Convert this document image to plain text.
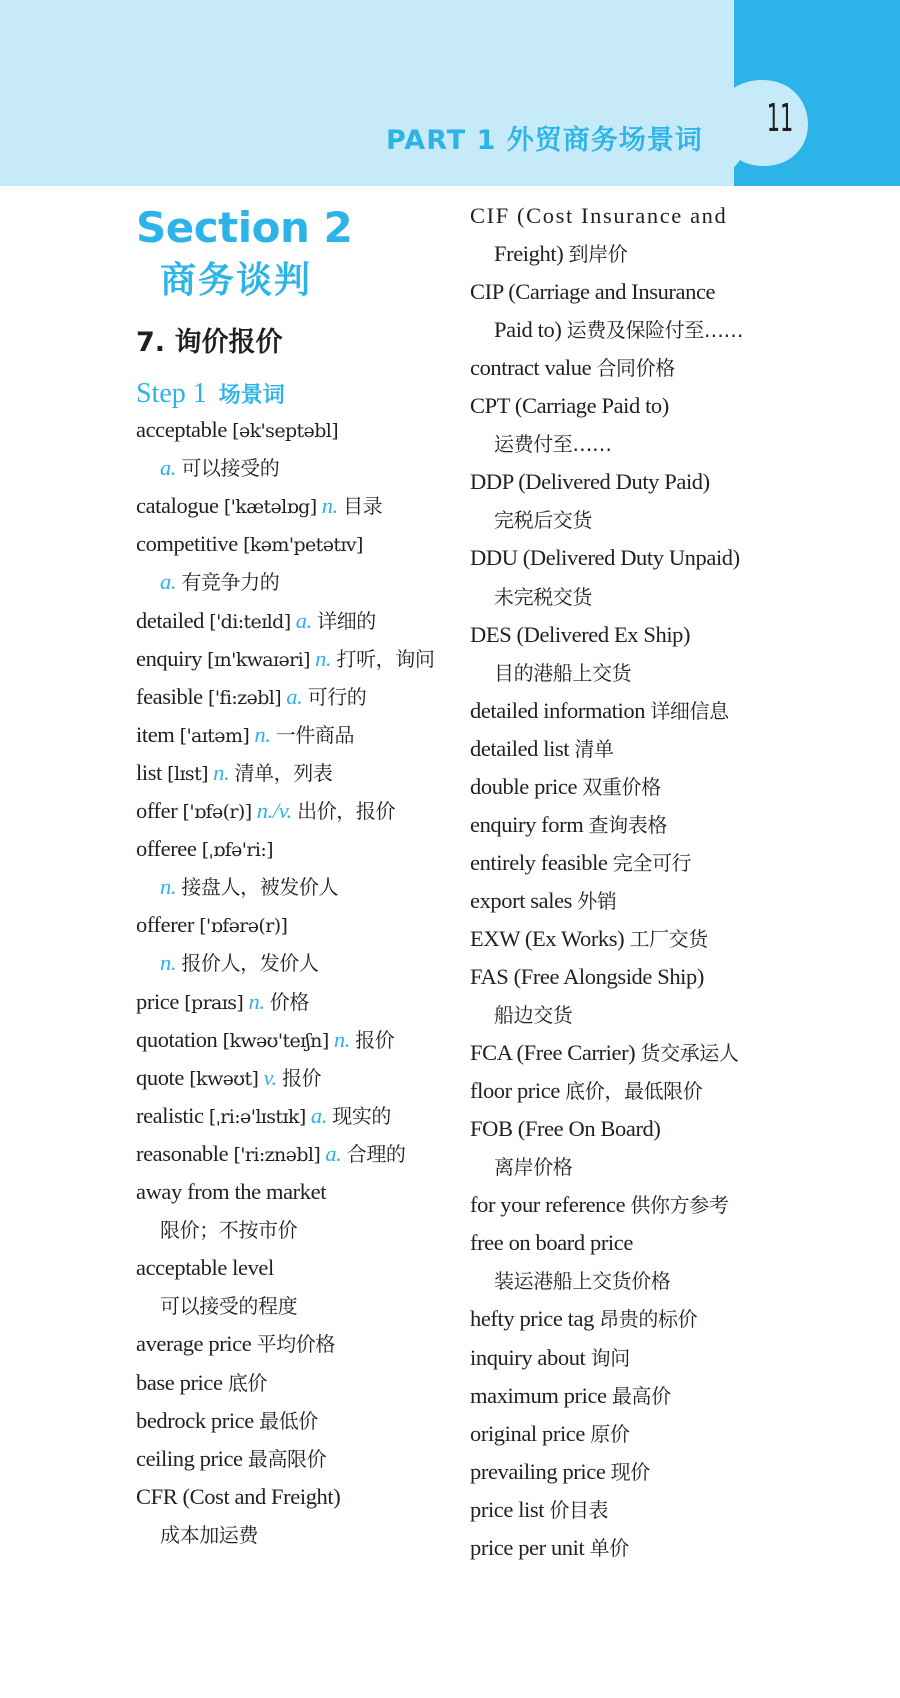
PART 1 外贸商务场景词
11
Section 2
商务谈判
7. 询价报价
Step 1 场景词
acceptable [ək'septəbl]
a. 可以接受的
catalogue ['kætəlɒg] n. 目录
competitive [kəm'petətɪv]
a. 有竞争力的
detailed ['di:teɪld] a. 详细的
enquiry [ɪn'kwaɪəri] n. 打听，询问
feasible ['fi:zəbl] a. 可行的
item ['aɪtəm] n. 一件商品
list [lɪst] n. 清单，列表
offer ['ɒfə(r)] n./v. 出价，报价
offeree [ˌɒfə'ri:]
n. 接盘人，被发价人
offerer ['ɒfərə(r)]
n. 报价人，发价人
price [praɪs] n. 价格
quotation [kwəʊ'teɪʃn] n. 报价
quote [kwəʊt] v. 报价
realistic [ˌri:ə'lɪstɪk] a. 现实的
reasonable ['ri:znəbl] a. 合理的
away from the market
限价；不按市价
acceptable level
可以接受的程度
average price 平均价格
base price 底价
bedrock price 最低价
ceiling price 最高限价
CFR (Cost and Freight)
成本加运费
CIF (Cost Insurance and
Freight) 到岸价
CIP (Carriage and Insurance
Paid to) 运费及保险付至……
contract value 合同价格
CPT (Carriage Paid to)
运费付至……
DDP (Delivered Duty Paid)
完税后交货
DDU (Delivered Duty Unpaid)
未完税交货
DES (Delivered Ex Ship)
目的港船上交货
detailed information 详细信息
detailed list 清单
double price 双重价格
enquiry form 查询表格
entirely feasible 完全可行
export sales 外销
EXW (Ex Works) 工厂交货
FAS (Free Alongside Ship)
船边交货
FCA (Free Carrier) 货交承运人
floor price 底价，最低限价
FOB (Free On Board)
离岸价格
for your reference 供你方参考
free on board price
装运港船上交货价格
hefty price tag 昂贵的标价
inquiry about 询问
maximum price 最高价
original price 原价
prevailing price 现价
price list 价目表
price per unit 单价
